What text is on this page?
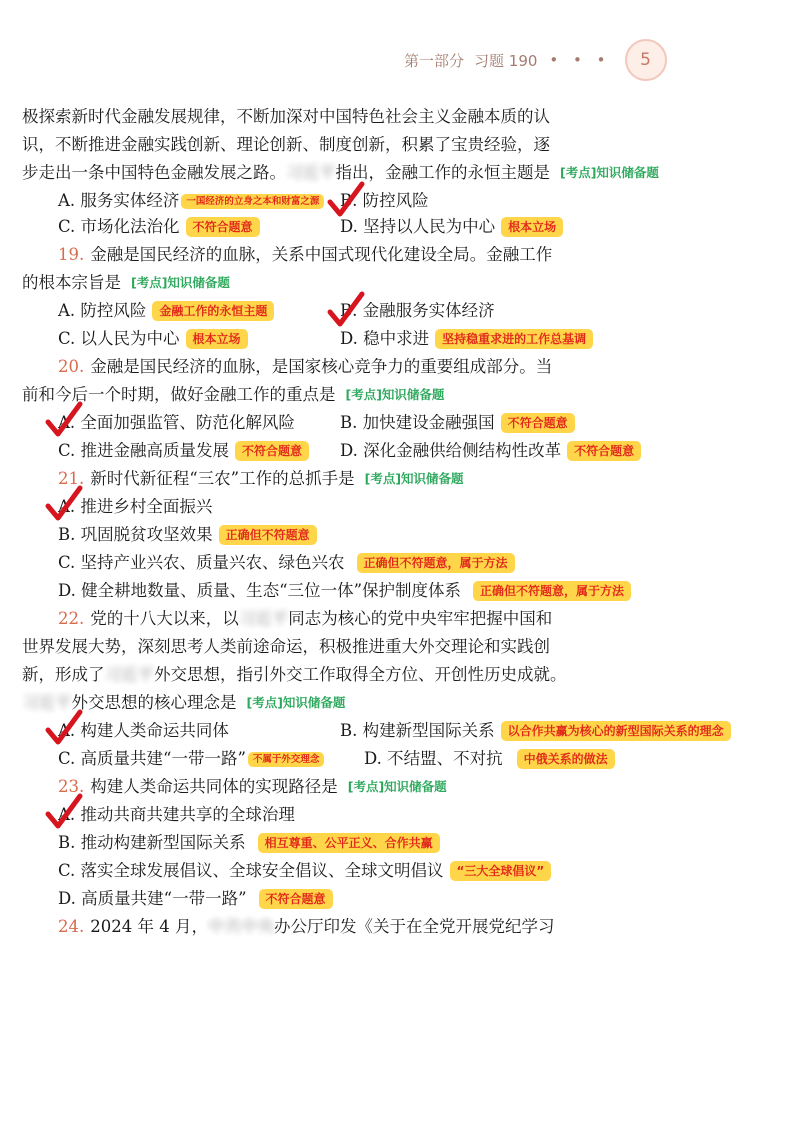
第一部分 习题 190 • • •	5
极探索新时代金融发展规律，不断加深对中国特色社会主义金融本质的认
识，不断推进金融实践创新、理论创新、制度创新，积累了宝贵经验，逐
步走出一条中国特色金融发展之路。 习近平 指出，金融工作的永恒主题是 [考点]知识储备题
A. 服务实体经济 一国经济的立身之本和财富之源	B. 防控风险
C. 市场化法治化	不符合题意	D. 坚持以人民为中心	根本立场
19. 金融是国民经济的血脉，关系中国式现代化建设全局。金融工作
的根本宗旨是 [考点]知识储备题
A. 防控风险	金融工作的永恒主题	B. 金融服务实体经济
C. 以人民为中心	根本立场	D. 稳中求进	坚持稳重求进的工作总基调
20. 金融是国民经济的血脉，是国家核心竞争力的重要组成部分。当
前和今后一个时期，做好金融工作的重点是 [考点]知识储备题
A. 全面加强监管、防范化解风险	B. 加快建设金融强国	不符合题意
C. 推进金融高质量发展	不符合题意	D. 深化金融供给侧结构性改革	不符合题意
21. 新时代新征程“三农”工作的总抓手是 [考点]知识储备题
A. 推进乡村全面振兴
B. 巩固脱贫攻坚效果	正确但不符题意
C. 坚持产业兴农、质量兴农、绿色兴农	正确但不符题意，属于方法
D. 健全耕地数量、质量、生态“三位一体”保护制度体系	正确但不符题意，属于方法
22. 党的十八大以来，以 习近平 同志为核心的党中央牢牢把握中国和
世界发展大势，深刻思考人类前途命运，积极推进重大外交理论和实践创
新，形成了 习近平 外交思想，指引外交工作取得全方位、开创性历史成就。
习近平 外交思想的核心理念是 [考点]知识储备题
A. 构建人类命运共同体	B. 构建新型国际关系	以合作共赢为核心的新型国际关系的理念
C. 高质量共建“一带一路” 不属于外交理念	D. 不结盟、不对抗	中俄关系的做法
23. 构建人类命运共同体的实现路径是 [考点]知识储备题
A. 推动共商共建共享的全球治理
B. 推动构建新型国际关系	相互尊重、公平正义、合作共赢
C. 落实全球发展倡议、全球安全倡议、全球文明倡议	“三大全球倡议”
D. 高质量共建“一带一路”	不符合题意
24. 2024 年 4 月， 中共中央 办公厅印发《关于在全党开展党纪学习
